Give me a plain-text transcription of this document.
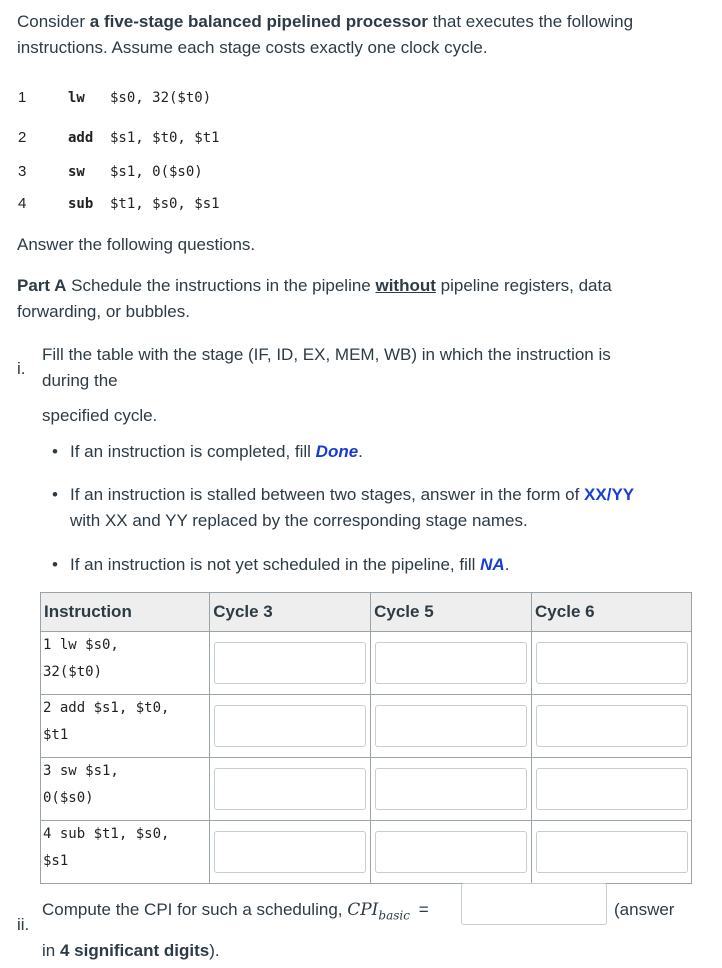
Consider a five-stage balanced pipelined processor that executes the following
instructions. Assume each stage costs exactly one clock cycle.
1	lw $s0, 32($t0)
2	add $s1, $t0, $t1
3	sw $s1, 0($s0)
4	sub $t1, $s0, $s1
Answer the following questions.
Part A Schedule the instructions in the pipeline without pipeline registers, data
forwarding, or bubbles.
i.
Fill the table with the stage (IF, ID, EX, MEM, WB) in which the instruction is
during the
specified cycle.
• If an instruction is completed, fill Done.
• If an instruction is stalled between two stages, answer in the form of XX/YY
with XX and YY replaced by the corresponding stage names.
• If an instruction is not yet scheduled in the pipeline, fill NA.
Instruction	Cycle 3	Cycle 5	Cycle 6
1 lw $s0,
32($t0)	

2 add $s1, $t0,
$t1	

3 sw $s1,
0($s0)	

4 sub $t1, $s0,
$s1	

ii.
Compute the CPI for such a scheduling, $CPI_{basic}$ =	(answer
in 4 significant digits).
